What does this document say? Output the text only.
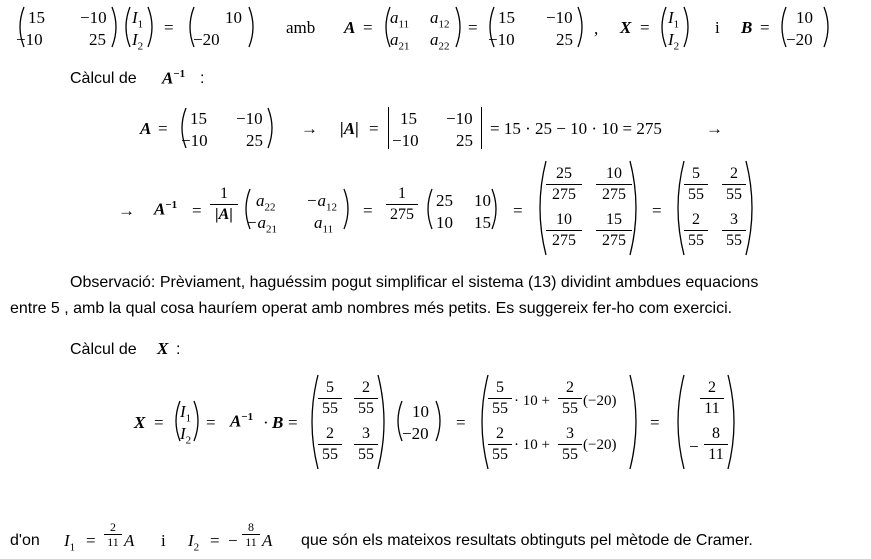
15 −10
−10	25
$I_1$
$I_2$
=
10
−20
amb A =
$a_{11}$ $a_{12}$
$a_{21}$ $a_{22}$
=
15 −10
−10 25
, X =
$I_1$
$I_2$
i B =
10
−20
Càlcul de $A^{-1}$ :
A =
15 −10
−10 25
→ |A| =
15 −10
−10 25
= 15 · 25 − 10 · 10 = 275	→
→ $A^{-1}$ =
1
|A|
$a_{22} -a_{12}$
$-a_{21}$ $a_{11}$
=
1
275
25 10
10 15
=
25
275
10
275
10
275
15
275
=
5
55
2
55
2
55
3
55
Observació: Prèviament, haguéssim pogut simplificar el sistema (13) dividint ambdues equacions
entre 5 , amb la qual cosa hauríem operat amb nombres més petits. Es suggereix fer-ho com exercici.
Càlcul de X :
X =
$I_1$
$I_2$
= $A^{-1} \cdot B$ =
5
55
2
55
2
55
3
55
10
−20
=
5
55 · 10 +
2
55 (−20)
2
55
· 10 +
3
55
(−20)
=
2
11
−
8
11
d'on $I_1$ =
2
11 A i $I_2$ = −
8
11 A que són els mateixos resultats obtinguts pel mètode de Cramer.
